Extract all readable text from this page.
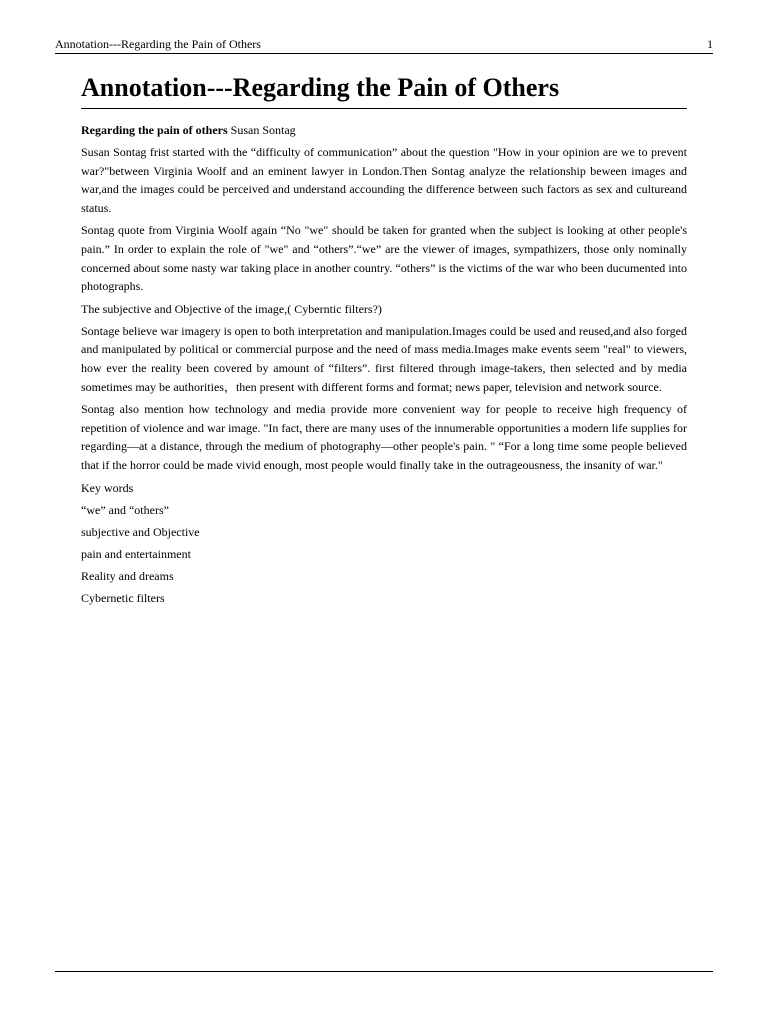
Annotation---Regarding the Pain of Others	1
Annotation---Regarding the Pain of Others

Regarding the pain of others Susan Sontag

Susan Sontag frist started with the “difficulty of communication” about the question "How in your opinion are we to prevent war?"between Virginia Woolf and an eminent lawyer in London.Then Sontag analyze the relationship beween images and war,and the images could be perceived and understand accounding the difference between such factors as sex and cultureand status.

Sontag quote from Virginia Woolf again “No "we" should be taken for granted when the subject is looking at other people's pain.” In order to explain the role of "we" and “others”.“we” are the viewer of images, sympathizers, those only nominally concerned about some nasty war taking place in another country. “others” is the victims of the war who been ducumented into photographs.

The subjective and Objective of the image,( Cyberntic filters?)

Sontage believe war imagery is open to both interpretation and manipulation.Images could be used and reused,and also forged and manipulated by political or commercial purpose and the need of mass media.Images make events seem "real" to viewers, how ever the reality been covered by amount of “filters”. first filtered through image-takers, then selected and by media sometimes may be authorities，then present with different forms and format; news paper, television and network source.

Sontag also mention how technology and media provide more convenient way for people to receive high frequency of repetition of violence and war image. "In fact, there are many uses of the innumerable opportunities a modern life supplies for regarding—at a distance, through the medium of photography—other people's pain. " “For a long time some people believed that if the horror could be made vivid enough, most people would finally take in the outrageousness, the insanity of war."

Key words

“we” and “others”

subjective and Objective

pain and entertainment

Reality and dreams

Cybernetic filters
